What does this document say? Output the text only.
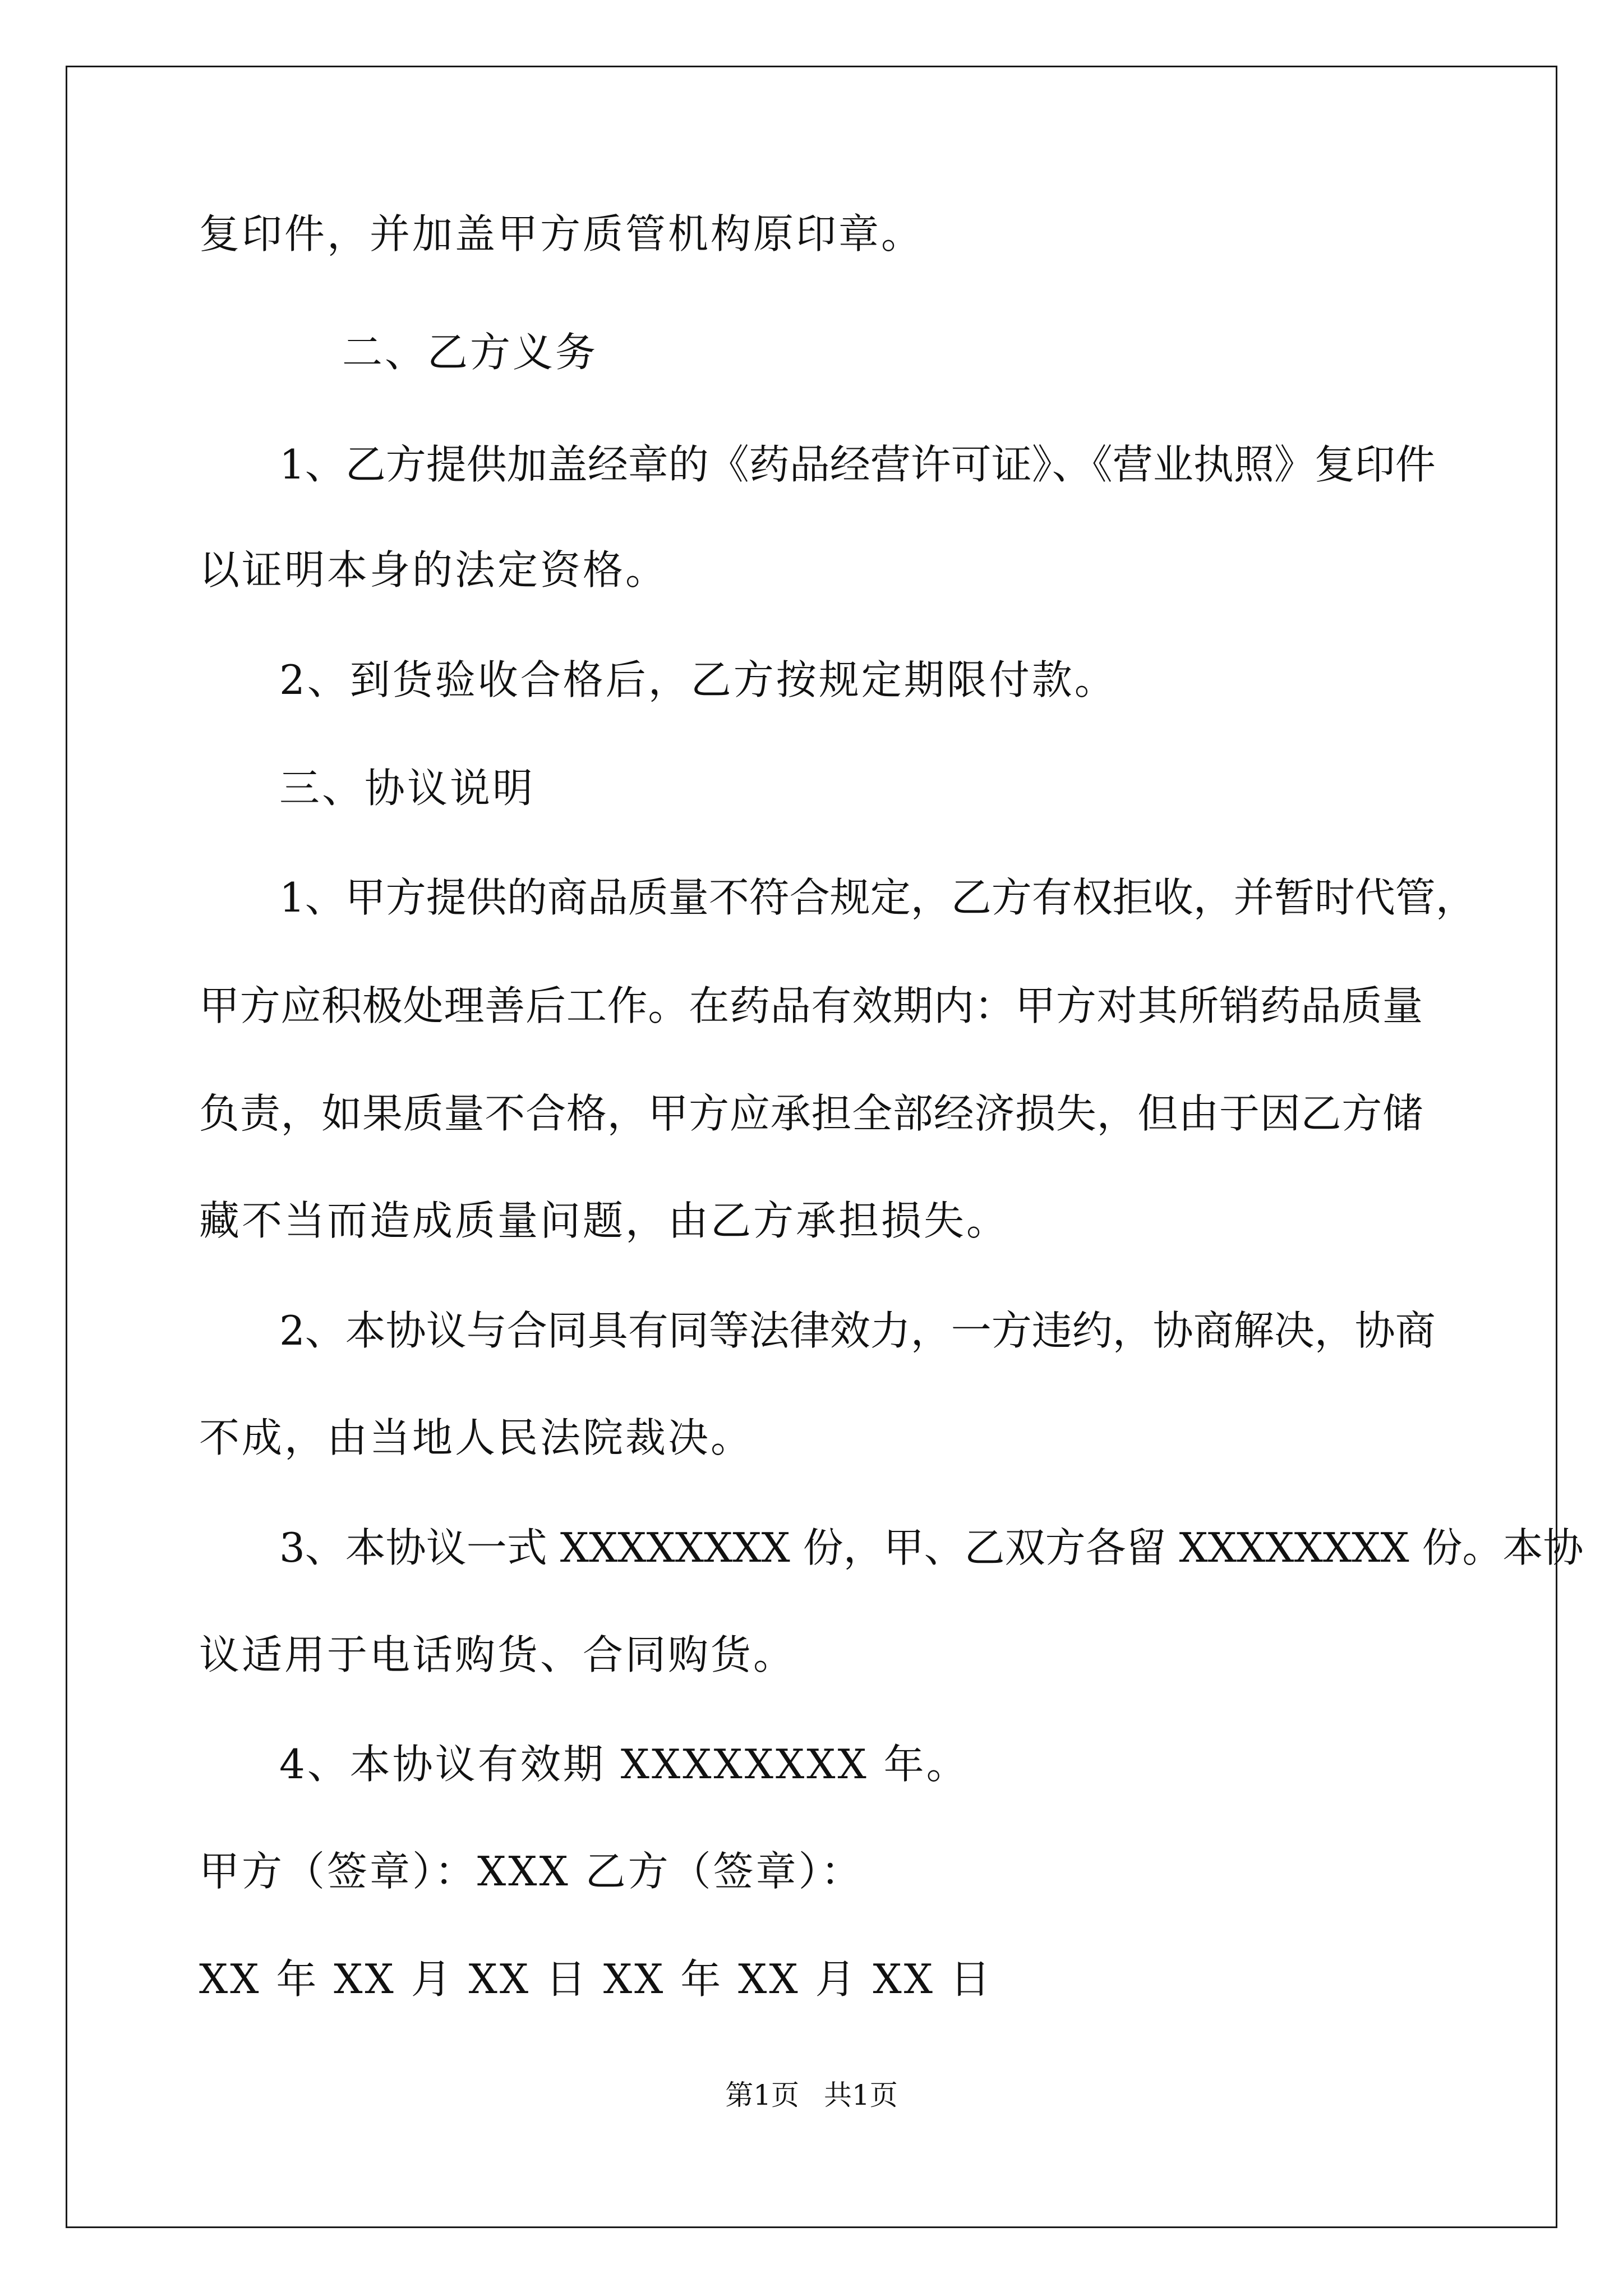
复印件，并加盖甲方质管机构原印章。
二、乙方义务
1、乙方提供加盖经章的《药品经营许可证》、《营业执照》复印件
以证明本身的法定资格。
2、到货验收合格后，乙方按规定期限付款。
三、协议说明
1、甲方提供的商品质量不符合规定，乙方有权拒收，并暂时代管，
甲方应积极处理善后工作。在药品有效期内：甲方对其所销药品质量
负责，如果质量不合格，甲方应承担全部经济损失，但由于因乙方储
藏不当而造成质量问题，由乙方承担损失。
2、本协议与合同具有同等法律效力，一方违约，协商解决，协商
不成，由当地人民法院裁决。
3、本协议一式 XXXXXXXX 份，甲、乙双方各留 XXXXXXXX 份。本协
议适用于电话购货、合同购货。
4、本协议有效期 XXXXXXXX 年。
甲方（签章）：XXX 乙方（签章）：
XX 年 XX 月 XX 日 XX 年 XX 月 XX 日
第1页 共1页
